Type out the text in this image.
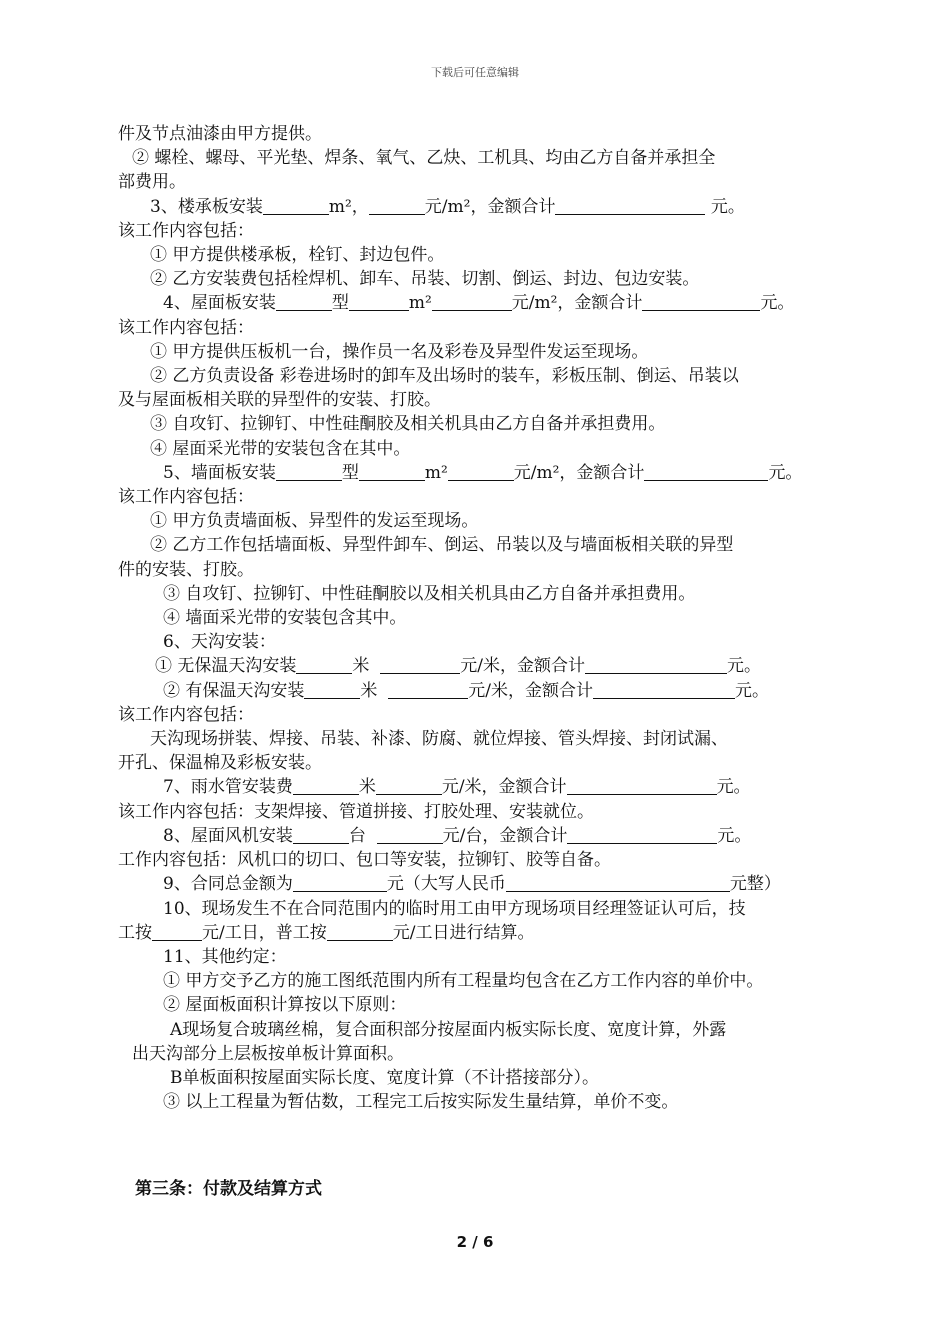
下载后可任意编辑
件及节点油漆由甲方提供。
② 螺栓、螺母、平光垫、焊条、氧气、乙炔、工机具、均由乙方自备并承担全
部费用。
3、楼承板安装	m²，	元/m²，金额合计	元。
该工作内容包括：
① 甲方提供楼承板，栓钉、封边包件。
② 乙方安装费包括栓焊机、卸车、吊装、切割、倒运、封边、包边安装。
4、屋面板安装	型	m²	元/m²，金额合计	元。
该工作内容包括：
① 甲方提供压板机一台，操作员一名及彩卷及异型件发运至现场。
② 乙方负责设备 彩卷进场时的卸车及出场时的装车，彩板压制、倒运、吊装以
及与屋面板相关联的异型件的安装、打胶。
③ 自攻钉、拉铆钉、中性硅酮胶及相关机具由乙方自备并承担费用。
④ 屋面采光带的安装包含在其中。
5、墙面板安装	型	m²	元/m²，金额合计	元。
该工作内容包括：
① 甲方负责墙面板、异型件的发运至现场。
② 乙方工作包括墙面板、异型件卸车、倒运、吊装以及与墙面板相关联的异型
件的安装、打胶。
③ 自攻钉、拉铆钉、中性硅酮胶以及相关机具由乙方自备并承担费用。
④ 墙面采光带的安装包含其中。
6、天沟安装：
① 无保温天沟安装	米	元/米，金额合计	元。
② 有保温天沟安装	米	元/米，金额合计	元。
该工作内容包括：
天沟现场拼装、焊接、吊装、补漆、防腐、就位焊接、管头焊接、封闭试漏、
开孔、保温棉及彩板安装。
7、雨水管安装费	米	元/米，金额合计	元。
该工作内容包括：支架焊接、管道拼接、打胶处理、安装就位。
8、屋面风机安装	台	元/台，金额合计	元。
工作内容包括：风机口的切口、包口等安装，拉铆钉、胶等自备。
9、合同总金额为	元（大写人民币	元整）
10、现场发生不在合同范围内的临时用工由甲方现场项目经理签证认可后，技
工按	元/工日，普工按	元/工日进行结算。
11、其他约定：
① 甲方交予乙方的施工图纸范围内所有工程量均包含在乙方工作内容的单价中。
② 屋面板面积计算按以下原则：
A现场复合玻璃丝棉，复合面积部分按屋面内板实际长度、宽度计算，外露
出天沟部分上层板按单板计算面积。
B单板面积按屋面实际长度、宽度计算（不计搭接部分）。
③ 以上工程量为暂估数，工程完工后按实际发生量结算，单价不变。
第三条：付款及结算方式
2 / 6
